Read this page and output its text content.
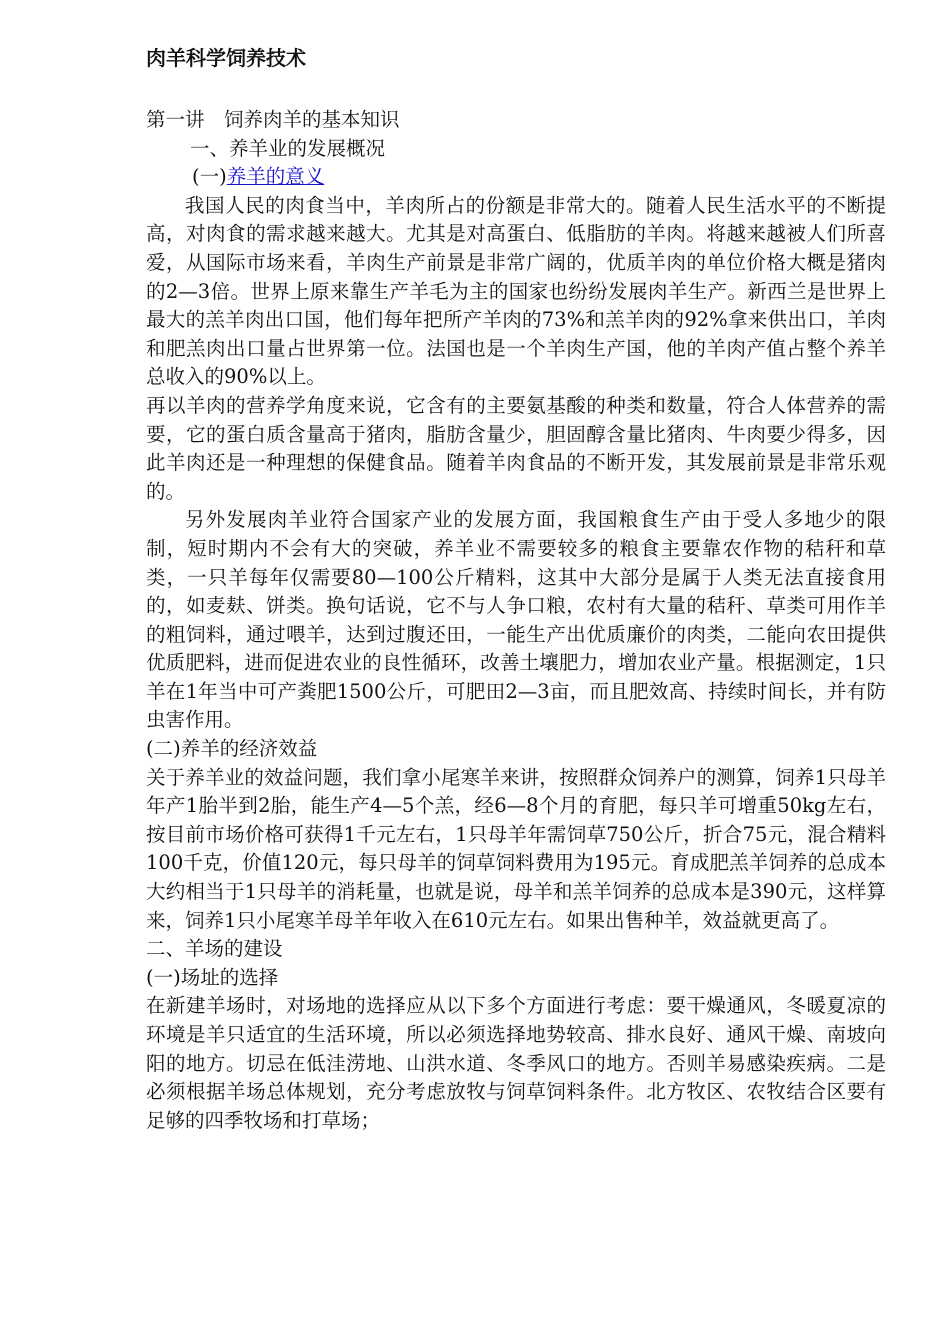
肉羊科学饲养技术
第一讲　饲养肉羊的基本知识
一、养羊业的发展概况
(一)养羊的意义

我国人民的肉食当中，羊肉所占的份额是非常大的。随着人民生活水平的不断提高，对肉食的需求越来越大。尤其是对高蛋白、低脂肪的羊肉。将越来越被人们所喜爱，从国际市场来看，羊肉生产前景是非常广阔的，优质羊肉的单位价格大概是猪肉的2—3倍。世界上原来靠生产羊毛为主的国家也纷纷发展肉羊生产。新西兰是世界上最大的羔羊肉出口国，他们每年把所产羊肉的73%和羔羊肉的92%拿来供出口，羊肉和肥羔肉出口量占世界第一位。法国也是一个羊肉生产国，他的羊肉产值占整个养羊总收入的90%以上。

再以羊肉的营养学角度来说，它含有的主要氨基酸的种类和数量，符合人体营养的需要，它的蛋白质含量高于猪肉，脂肪含量少，胆固醇含量比猪肉、牛肉要少得多，因此羊肉还是一种理想的保健食品。随着羊肉食品的不断开发，其发展前景是非常乐观的。

另外发展肉羊业符合国家产业的发展方面，我国粮食生产由于受人多地少的限制，短时期内不会有大的突破，养羊业不需要较多的粮食主要靠农作物的秸秆和草类，一只羊每年仅需要80—100公斤精料，这其中大部分是属于人类无法直接食用的，如麦麸、饼类。换句话说，它不与人争口粮，农村有大量的秸秆、草类可用作羊的粗饲料，通过喂羊，达到过腹还田，一能生产出优质廉价的肉类，二能向农田提供优质肥料，进而促进农业的良性循环，改善土壤肥力，增加农业产量。根据测定，1只羊在1年当中可产粪肥1500公斤，可肥田2—3亩，而且肥效高、持续时间长，并有防虫害作用。

(二)养羊的经济效益

关于养羊业的效益问题，我们拿小尾寒羊来讲，按照群众饲养户的测算，饲养1只母羊年产1胎半到2胎，能生产4—5个羔，经6—8个月的育肥，每只羊可增重50kg左右，按目前市场价格可获得1千元左右，1只母羊年需饲草750公斤，折合75元，混合精料100千克，价值120元，每只母羊的饲草饲料费用为195元。育成肥羔羊饲养的总成本大约相当于1只母羊的消耗量，也就是说，母羊和羔羊饲养的总成本是390元，这样算来，饲养1只小尾寒羊母羊年收入在610元左右。如果出售种羊，效益就更高了。

二、羊场的建设
(一)场址的选择

在新建羊场时，对场地的选择应从以下多个方面进行考虑：要干燥通风，冬暖夏凉的环境是羊只适宜的生活环境，所以必须选择地势较高、排水良好、通风干燥、南坡向阳的地方。切忌在低洼涝地、山洪水道、冬季风口的地方。否则羊易感染疾病。二是必须根据羊场总体规划，充分考虑放牧与饲草饲料条件。北方牧区、农牧结合区要有足够的四季牧场和打草场；
